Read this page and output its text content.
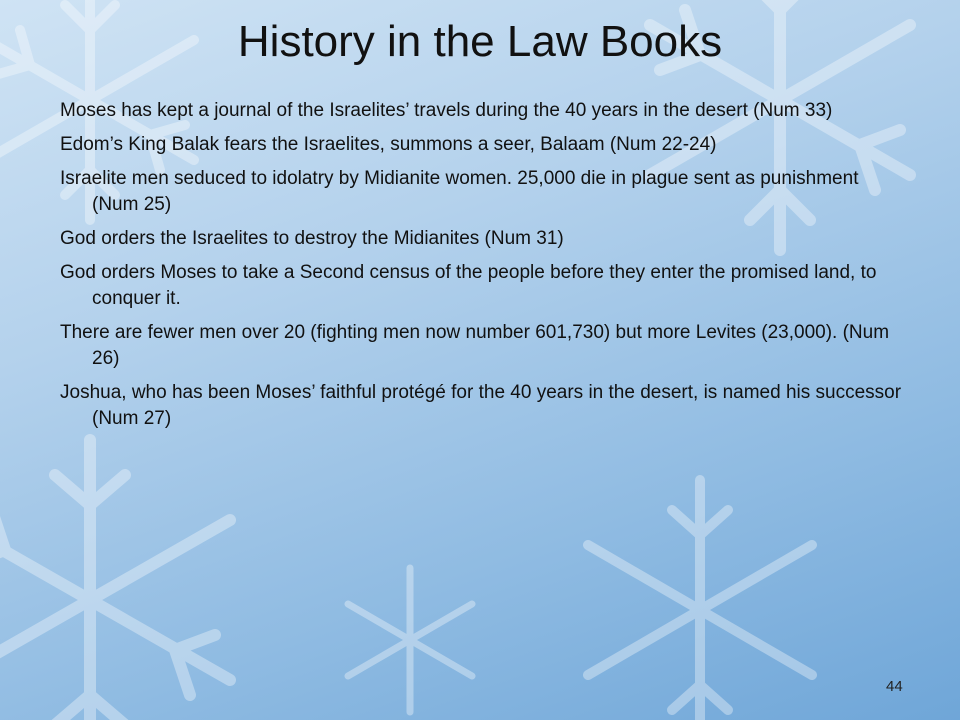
History in the Law Books
Moses has kept a journal of the Israelites’ travels during the 40 years in the desert (Num 33)
Edom’s King Balak fears the Israelites, summons a seer, Balaam (Num 22-24)
Israelite men seduced to idolatry by Midianite women. 25,000 die in plague sent as punishment (Num 25)
God orders the Israelites to destroy the Midianites (Num 31)
God orders Moses to take a Second census of the people before they enter the promised land, to conquer it.
There are fewer men over 20 (fighting men now number 601,730) but more Levites (23,000). (Num 26)
Joshua, who has been Moses’ faithful protégé for the 40 years in the desert, is named his successor (Num 27)
44
